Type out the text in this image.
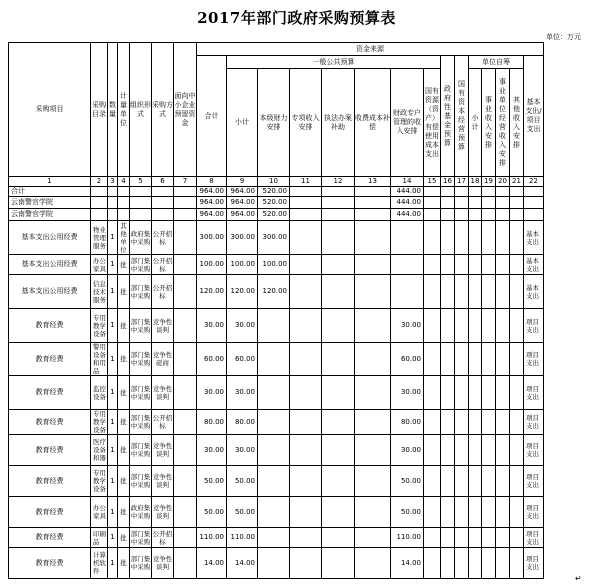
2017年部门政府采购预算表
单位：万元
采购项目	采购目录	数量	计量单位	组织形式	采购方式	面向中小企业预留资金	资金来源														
							合计	一般公共预算							政府性基金预算	国有资本经营预算	单位自筹				基本支出/项目支出
								小计	本级财力安排	专项收入安排	执法办案补助	收费成本补偿	财政专户管理的收入安排	国有资源（资产）有偿使用成本支出			小计	事业收入安排	事业单位经营收入安排	其他收入安排	

1	2	3	4	5	6	7	8	9	10	11	12	13	14	15	16	17	18	19	20	21	22
合计							964.00	964.00	520.00				444.00								
云南警官学院							964.00	964.00	520.00				444.00								
云南警官学院							964.00	964.00	520.00				444.00								
基本支出公用经费	物业管理服务	1	其他单位	政府集中采购	公开招标		300.00	300.00	300.00												基本支出
基本支出公用经费	办公家具	1	批	部门集中采购	公开招标		100.00	100.00	100.00												基本支出
基本支出公用经费	信息技术服务	1	批	部门集中采购	公开招标		120.00	120.00	120.00												基本支出
教育经费	专用教学设备	1	批	部门集中采购	竞争性谈判		30.00	30.00					30.00								项目支出
教育经费	警用设备和用品	1	批	部门集中采购	竞争性磋商		60.00	60.00					60.00								项目支出
教育经费	监控设备	1	批	部门集中采购	竞争性谈判		30.00	30.00					30.00								项目支出
教育经费	专用教学设备	1	批	部门集中采购	公开招标		80.00	80.00					80.00								项目支出
教育经费	医疗设备和器	1	批	部门集中采购	竞争性谈判		30.00	30.00					30.00								项目支出
教育经费	专用教学设备	1	批	部门集中采购	竞争性谈判		50.00	50.00					50.00								项目支出
教育经费	办公家具	1	批	政府集中采购	竞争性谈判		50.00	50.00					50.00								项目支出
教育经费	印刷品	1	批	部门集中采购	公开招标		110.00	110.00					110.00								项目支出
教育经费	计算机软件	1	批	部门集中采购	竞争性谈判		14.00	14.00					14.00								项目支出
↵
